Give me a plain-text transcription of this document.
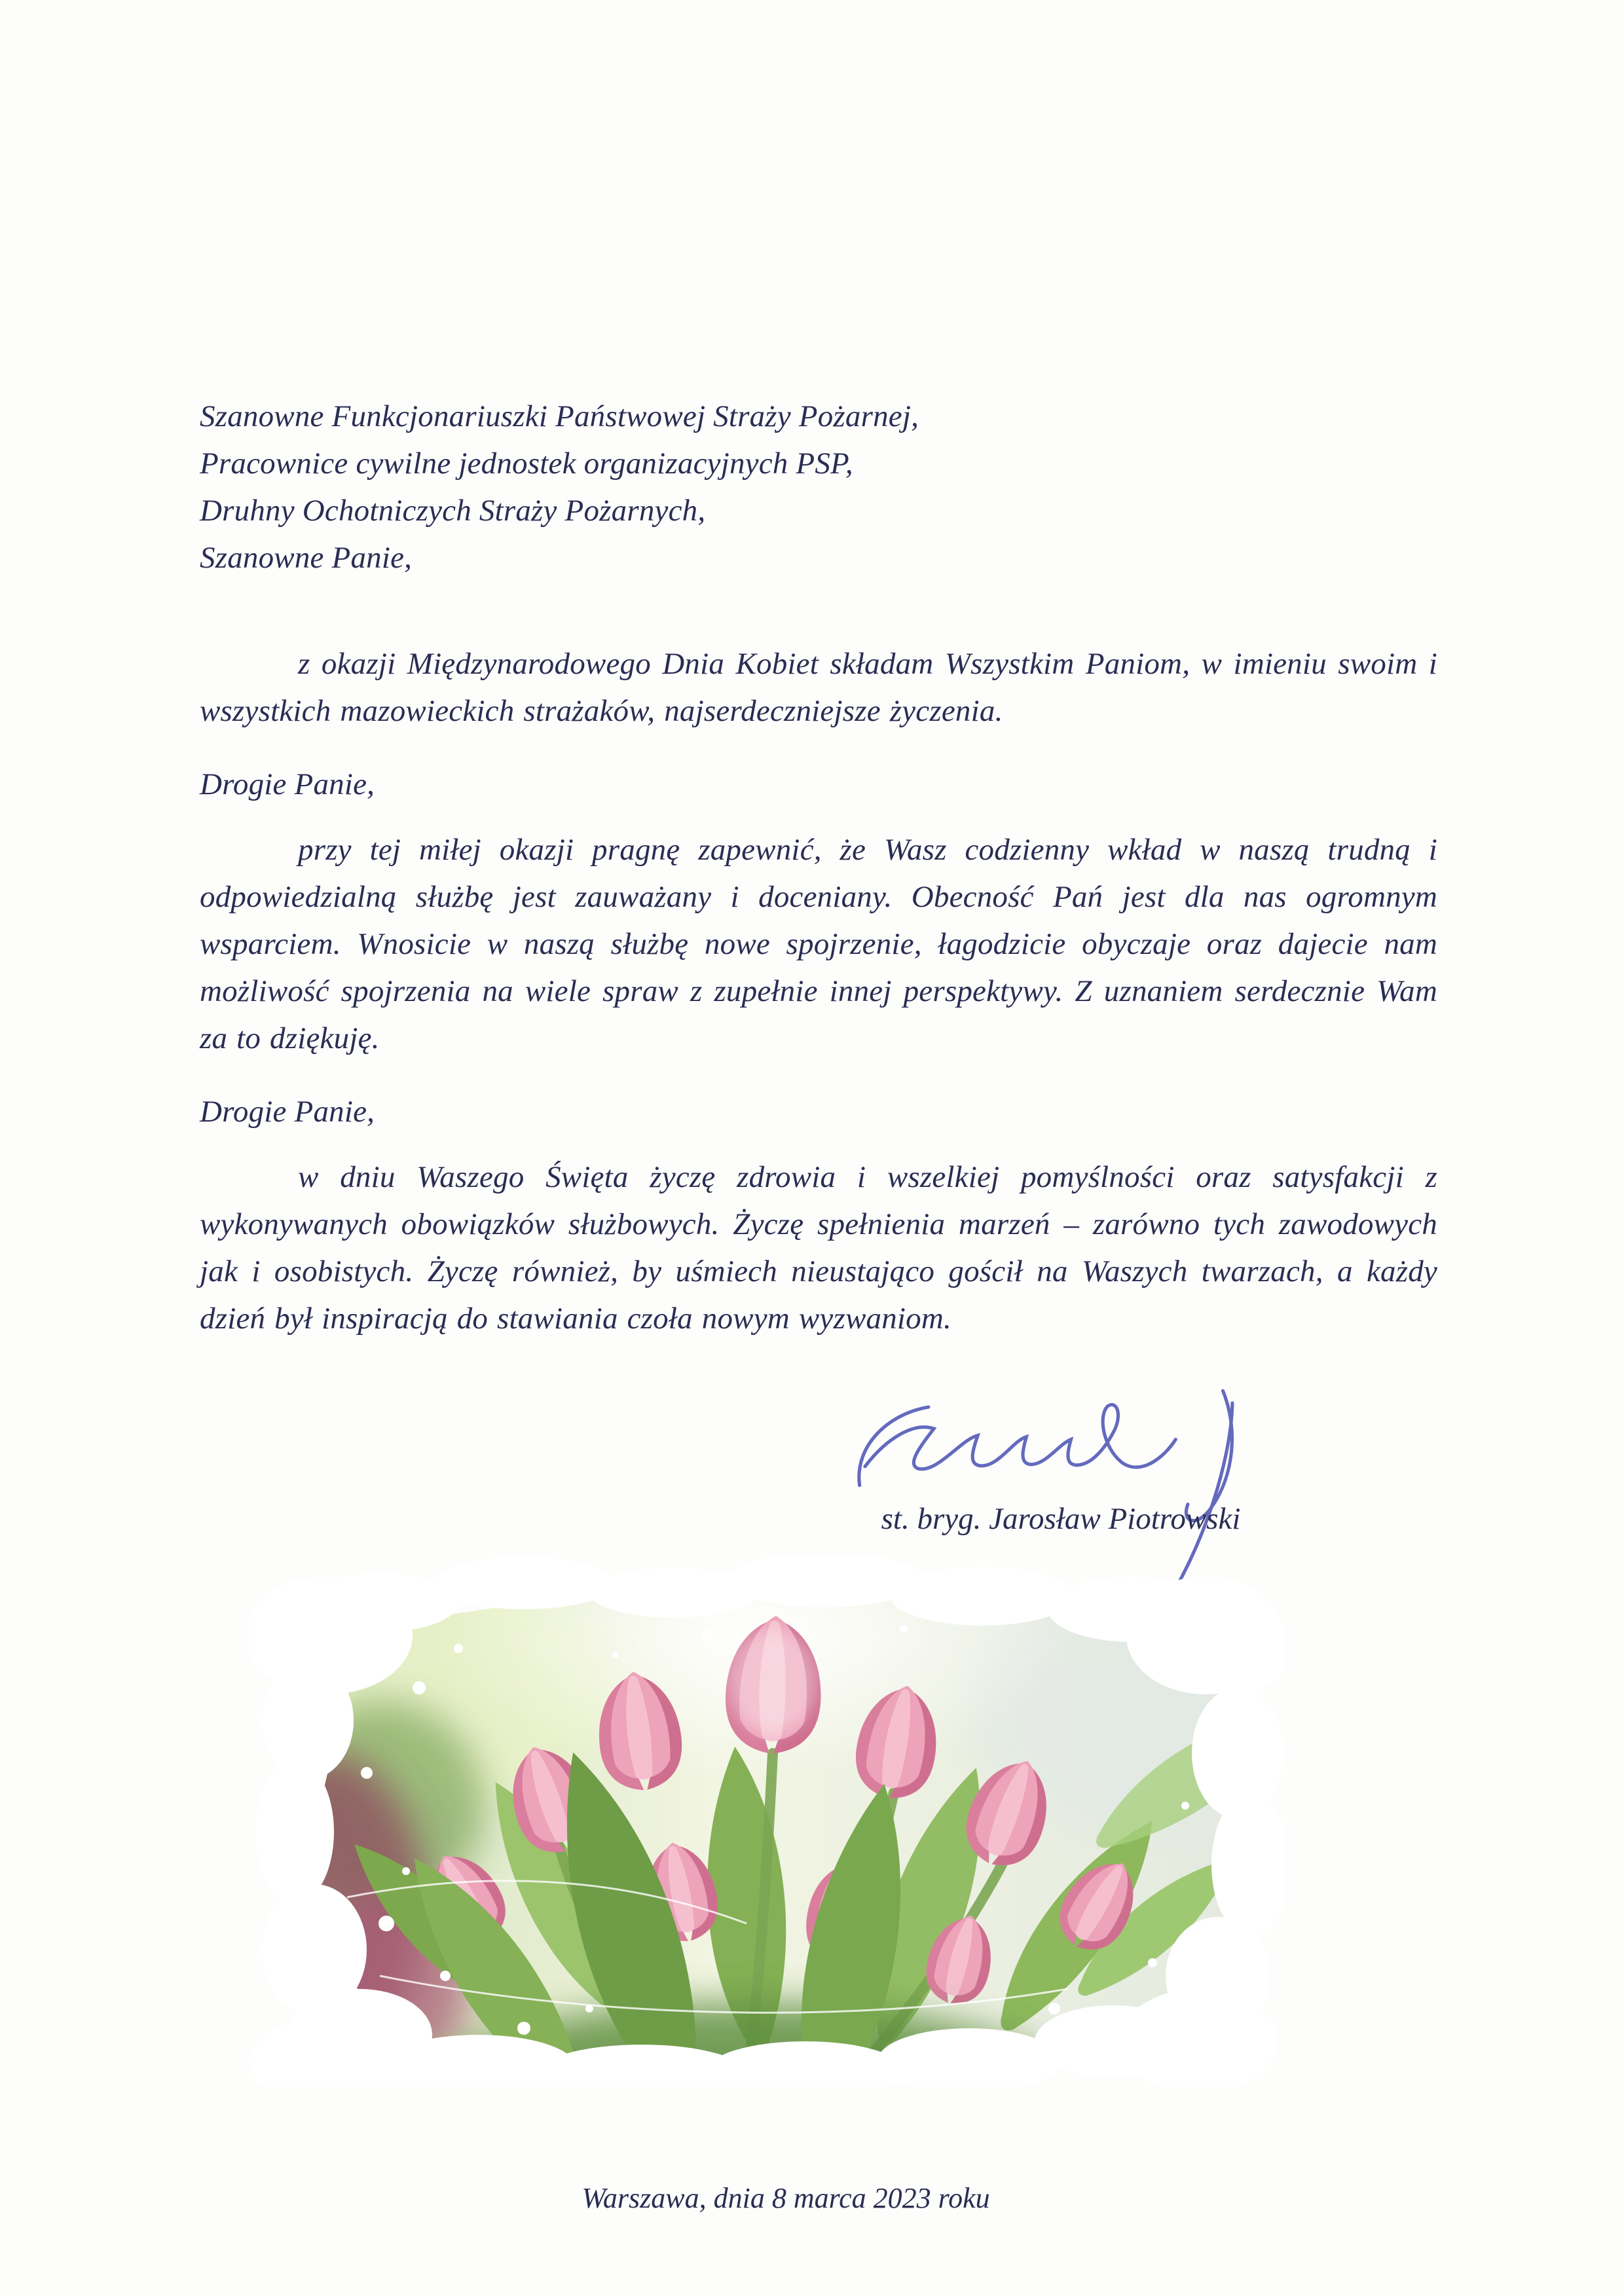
Szanowne Funkcjonariuszki Państwowej Straży Pożarnej,
Pracownice cywilne jednostek organizacyjnych PSP,
Druhny Ochotniczych Straży Pożarnych,
Szanowne Panie,
z okazji Międzynarodowego Dnia Kobiet składam Wszystkim Paniom, w imieniu swoim i wszystkich mazowieckich strażaków, najserdeczniejsze życzenia.
Drogie Panie,
przy tej miłej okazji pragnę zapewnić, że Wasz codzienny wkład w naszą trudną i odpowiedzialną służbę jest zauważany i doceniany. Obecność Pań jest dla nas ogromnym wsparciem. Wnosicie w naszą służbę nowe spojrzenie, łagodzicie obyczaje oraz dajecie nam możliwość spojrzenia na wiele spraw z zupełnie innej perspektywy. Z uznaniem serdecznie Wam za to dziękuję.
Drogie Panie,
w dniu Waszego Święta życzę zdrowia i wszelkiej pomyślności oraz satysfakcji z wykonywanych obowiązków służbowych. Życzę spełnienia marzeń – zarówno tych zawodowych jak i osobistych. Życzę również, by uśmiech nieustająco gościł na Waszych twarzach, a każdy dzień był inspiracją do stawiania czoła nowym wyzwaniom.
st. bryg. Jarosław Piotrowski
Warszawa, dnia 8 marca 2023 roku
